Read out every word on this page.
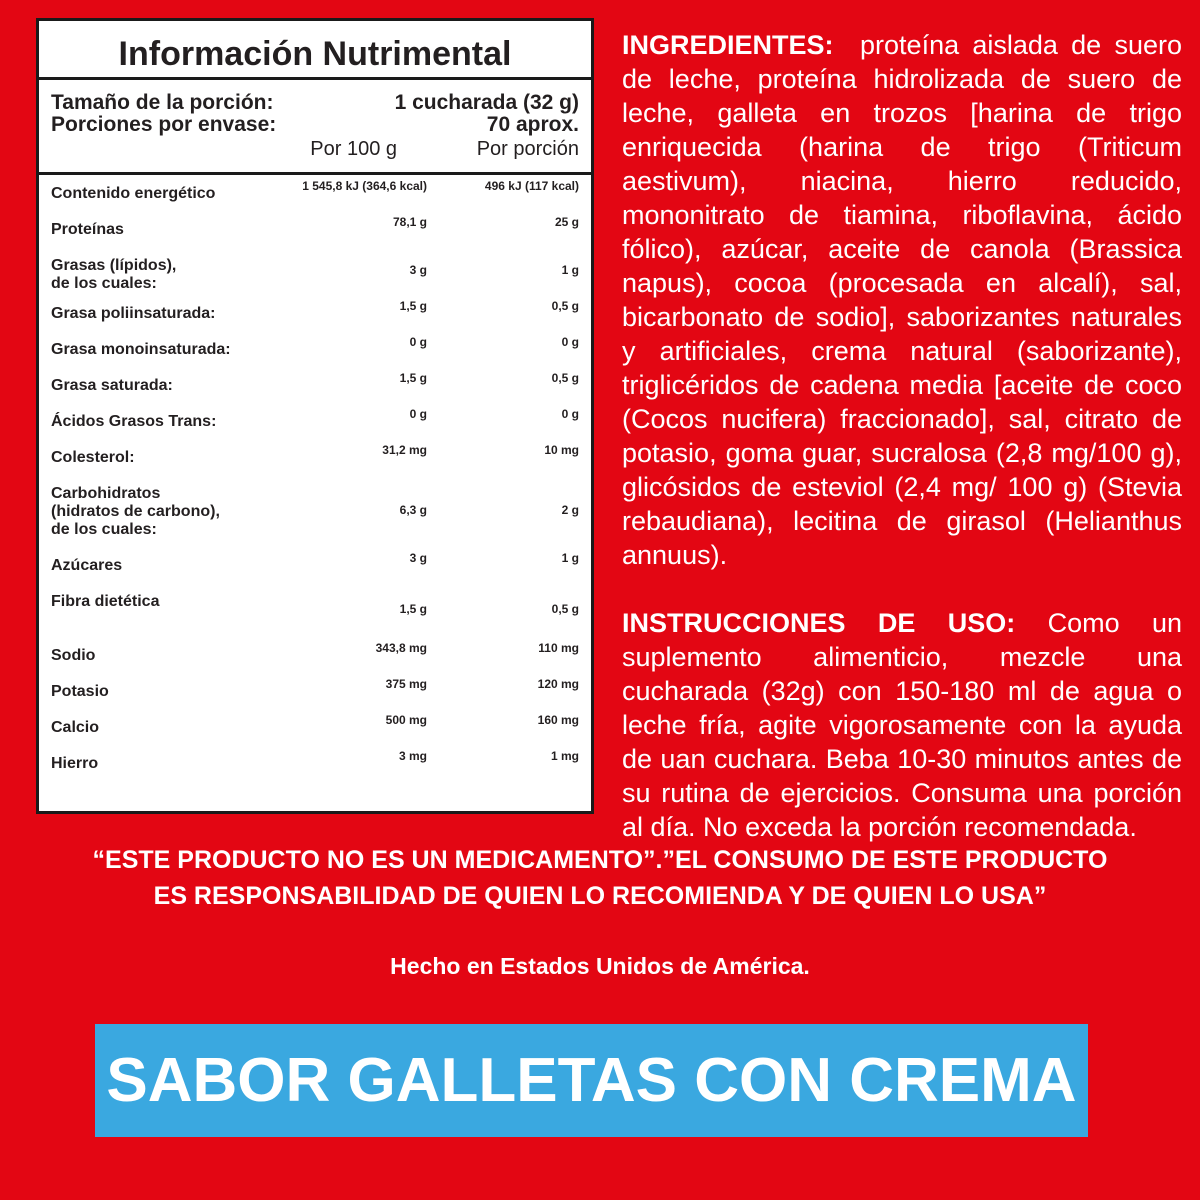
Información Nutrimental
Tamaño de la porción:	1 cucharada (32 g)
Porciones por envase:	70 aprox.
Por 100 g	Por porción
Contenido energético	1 545,8 kJ (364,6 kcal)	496 kJ (117 kcal)
Proteínas	78,1 g	25 g
Grasas (lípidos),
de los cuales:
3 g	1 g
Grasa poliinsaturada:	1,5 g	0,5 g
Grasa monoinsaturada:	0 g	0 g
Grasa saturada:	1,5 g	0,5 g
Ácidos Grasos Trans:	0 g	0 g
Colesterol:	31,2 mg	10 mg
Carbohidratos
(hidratos de carbono),
de los cuales:
6,3 g	2 g
Azúcares	3 g	1 g
Fibra dietética	1,5 g	0,5 g
Sodio	343,8 mg	110 mg
Potasio	375 mg	120 mg
Calcio	500 mg	160 mg
Hierro	3 mg	1 mg

INGREDIENTES: proteína aislada de suero de leche, proteína hidrolizada de suero de leche, galleta en trozos [harina de trigo enriquecida (harina de trigo (Triticum aestivum), niacina, hierro reducido, mononitrato de tiamina, riboflavina, ácido fólico), azúcar, aceite de canola (Brassica napus), cocoa (procesada en alcalí), sal, bicarbonato de sodio], saborizantes naturales y artificiales, crema natural (saborizante), triglicéridos de cadena media [aceite de coco (Cocos nucifera) fraccionado], sal, citrato de potasio, goma guar, sucralosa (2,8 mg/100 g), glicósidos de esteviol (2,4 mg/ 100 g) (Stevia rebaudiana), lecitina de girasol (Helianthus annuus).

INSTRUCCIONES DE USO: Como un suplemento alimenticio, mezcle una cucharada (32g) con 150-180 ml de agua o leche fría, agite vigorosamente con la ayuda de uan cuchara. Beba 10-30 minutos antes de su rutina de ejercicios. Consuma una porción al día. No exceda la porción recomendada.

“ESTE PRODUCTO NO ES UN MEDICAMENTO”.”EL CONSUMO DE ESTE PRODUCTO
ES RESPONSABILIDAD DE QUIEN LO RECOMIENDA Y DE QUIEN LO USA”
Hecho en Estados Unidos de América.
SABOR GALLETAS CON CREMA
